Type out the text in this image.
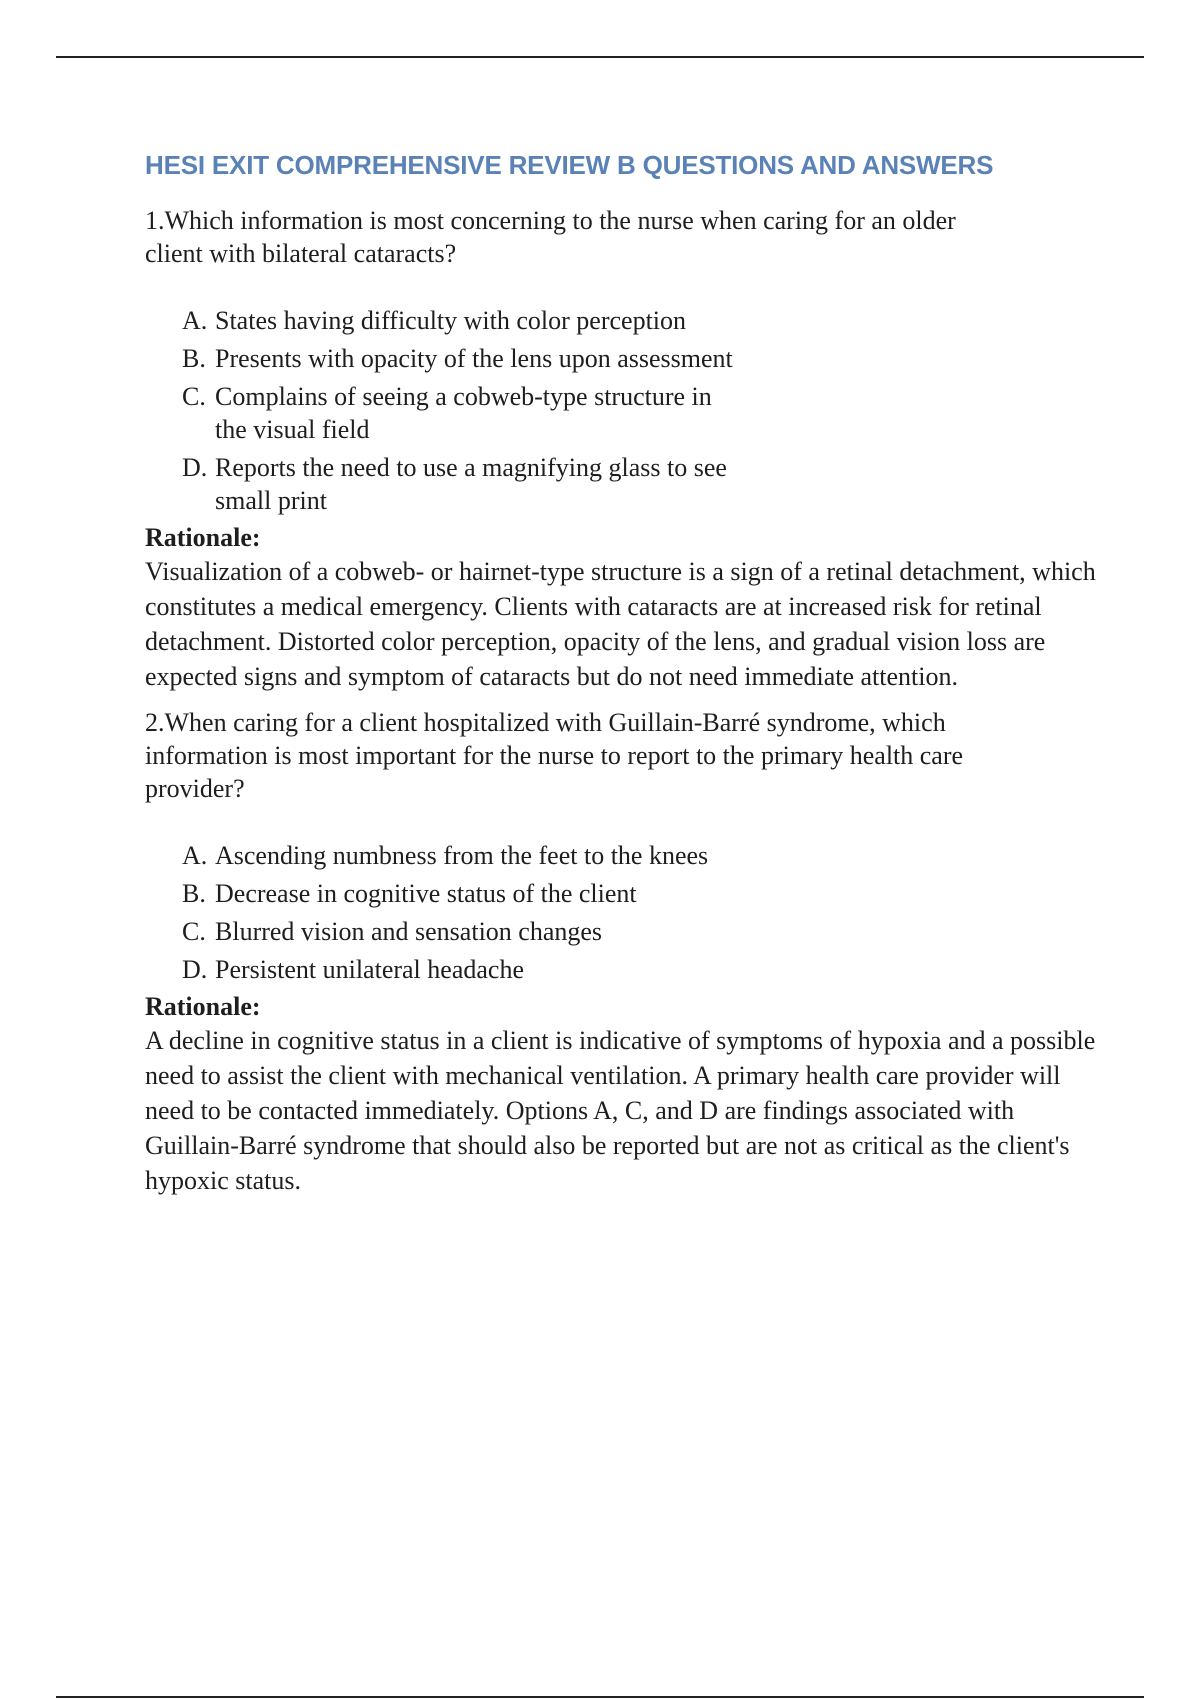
HESI EXIT COMPREHENSIVE REVIEW B QUESTIONS AND ANSWERS

1.Which information is most concerning to the nurse when caring for an older client with bilateral cataracts?

A. States having difficulty with color perception
B. Presents with opacity of the lens upon assessment
C. Complains of seeing a cobweb-type structure in the visual field
D. Reports the need to use a magnifying glass to see small print

Rationale:

Visualization of a cobweb- or hairnet-type structure is a sign of a retinal detachment, which constitutes a medical emergency. Clients with cataracts are at increased risk for retinal detachment. Distorted color perception, opacity of the lens, and gradual vision loss are expected signs and symptom of cataracts but do not need immediate attention.

2.When caring for a client hospitalized with Guillain-Barré syndrome, which information is most important for the nurse to report to the primary health care provider?

A. Ascending numbness from the feet to the knees
B. Decrease in cognitive status of the client
C. Blurred vision and sensation changes
D. Persistent unilateral headache

Rationale:

A decline in cognitive status in a client is indicative of symptoms of hypoxia and a possible need to assist the client with mechanical ventilation. A primary health care provider will need to be contacted immediately. Options A, C, and D are findings associated with Guillain-Barré syndrome that should also be reported but are not as critical as the client's hypoxic status.
